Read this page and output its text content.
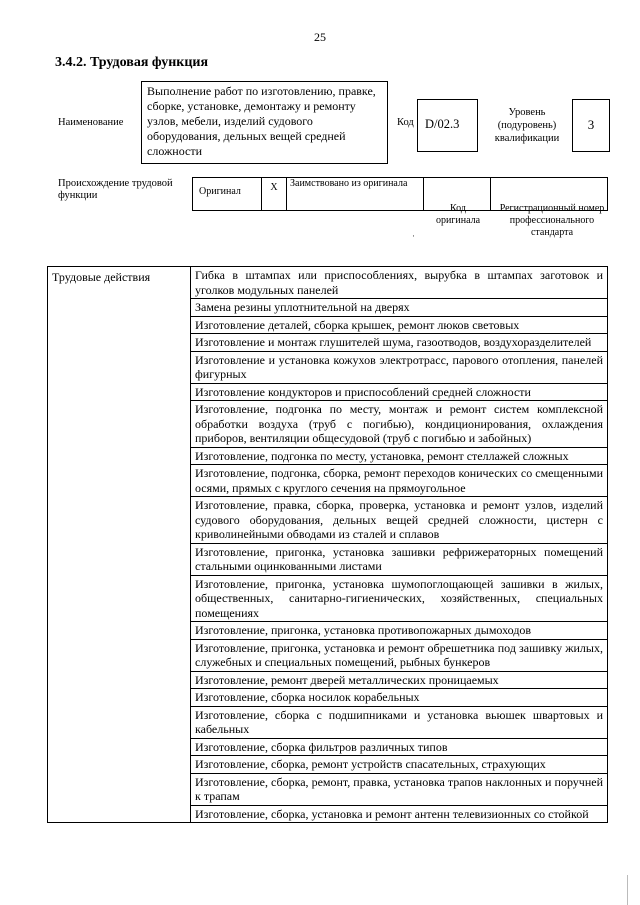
25
3.4.2. Трудовая функция
Наименование
Выполнение работ по изготовлению, правке, сборке, установке, демонтажу и ремонту узлов, мебели, изделий судового оборудования, дельных вещей средней сложности
Код D/02.3
Уровень (подуровень) квалификации
3
Происхождение трудовой функции	Оригинал	X	Заимствовано из оригинала		
Код оригинала
Регистрационный номер профессионального стандарта
·
Трудовые действия	Гибка в штампах или приспособлениях, вырубка в штампах заготовок и уголков модульных панелей
Замена резины уплотнительной на дверях
Изготовление деталей, сборка крышек, ремонт люков световых
Изготовление и монтаж глушителей шума, газоотводов, воздухоразделителей
Изготовление и установка кожухов электротрасс, парового отопления, панелей фигурных
Изготовление кондукторов и приспособлений средней сложности
Изготовление, подгонка по месту, монтаж и ремонт систем комплексной обработки воздуха (труб с погибью), кондиционирования, охлаждения приборов, вентиляции общесудовой (труб с погибью и забойных)
Изготовление, подгонка по месту, установка, ремонт стеллажей сложных
Изготовление, подгонка, сборка, ремонт переходов конических со смещенными осями, прямых с круглого сечения на прямоугольное
Изготовление, правка, сборка, проверка, установка и ремонт узлов, изделий судового оборудования, дельных вещей средней сложности, цистерн с криволинейными обводами из сталей и сплавов
Изготовление, пригонка, установка зашивки рефрижераторных помещений стальными оцинкованными листами
Изготовление, пригонка, установка шумопоглощающей зашивки в жилых, общественных, санитарно-гигиенических, хозяйственных, специальных помещениях
Изготовление, пригонка, установка противопожарных дымоходов
Изготовление, пригонка, установка и ремонт обрешетника под зашивку жилых, служебных и специальных помещений, рыбных бункеров
Изготовление, ремонт дверей металлических проницаемых
Изготовление, сборка носилок корабельных
Изготовление, сборка с подшипниками и установка вьюшек швартовых и кабельных
Изготовление, сборка фильтров различных типов
Изготовление, сборка, ремонт устройств спасательных, страхующих
Изготовление, сборка, ремонт, правка, установка трапов наклонных и поручней к трапам
Изготовление, сборка, установка и ремонт антенн телевизионных со стойкой
